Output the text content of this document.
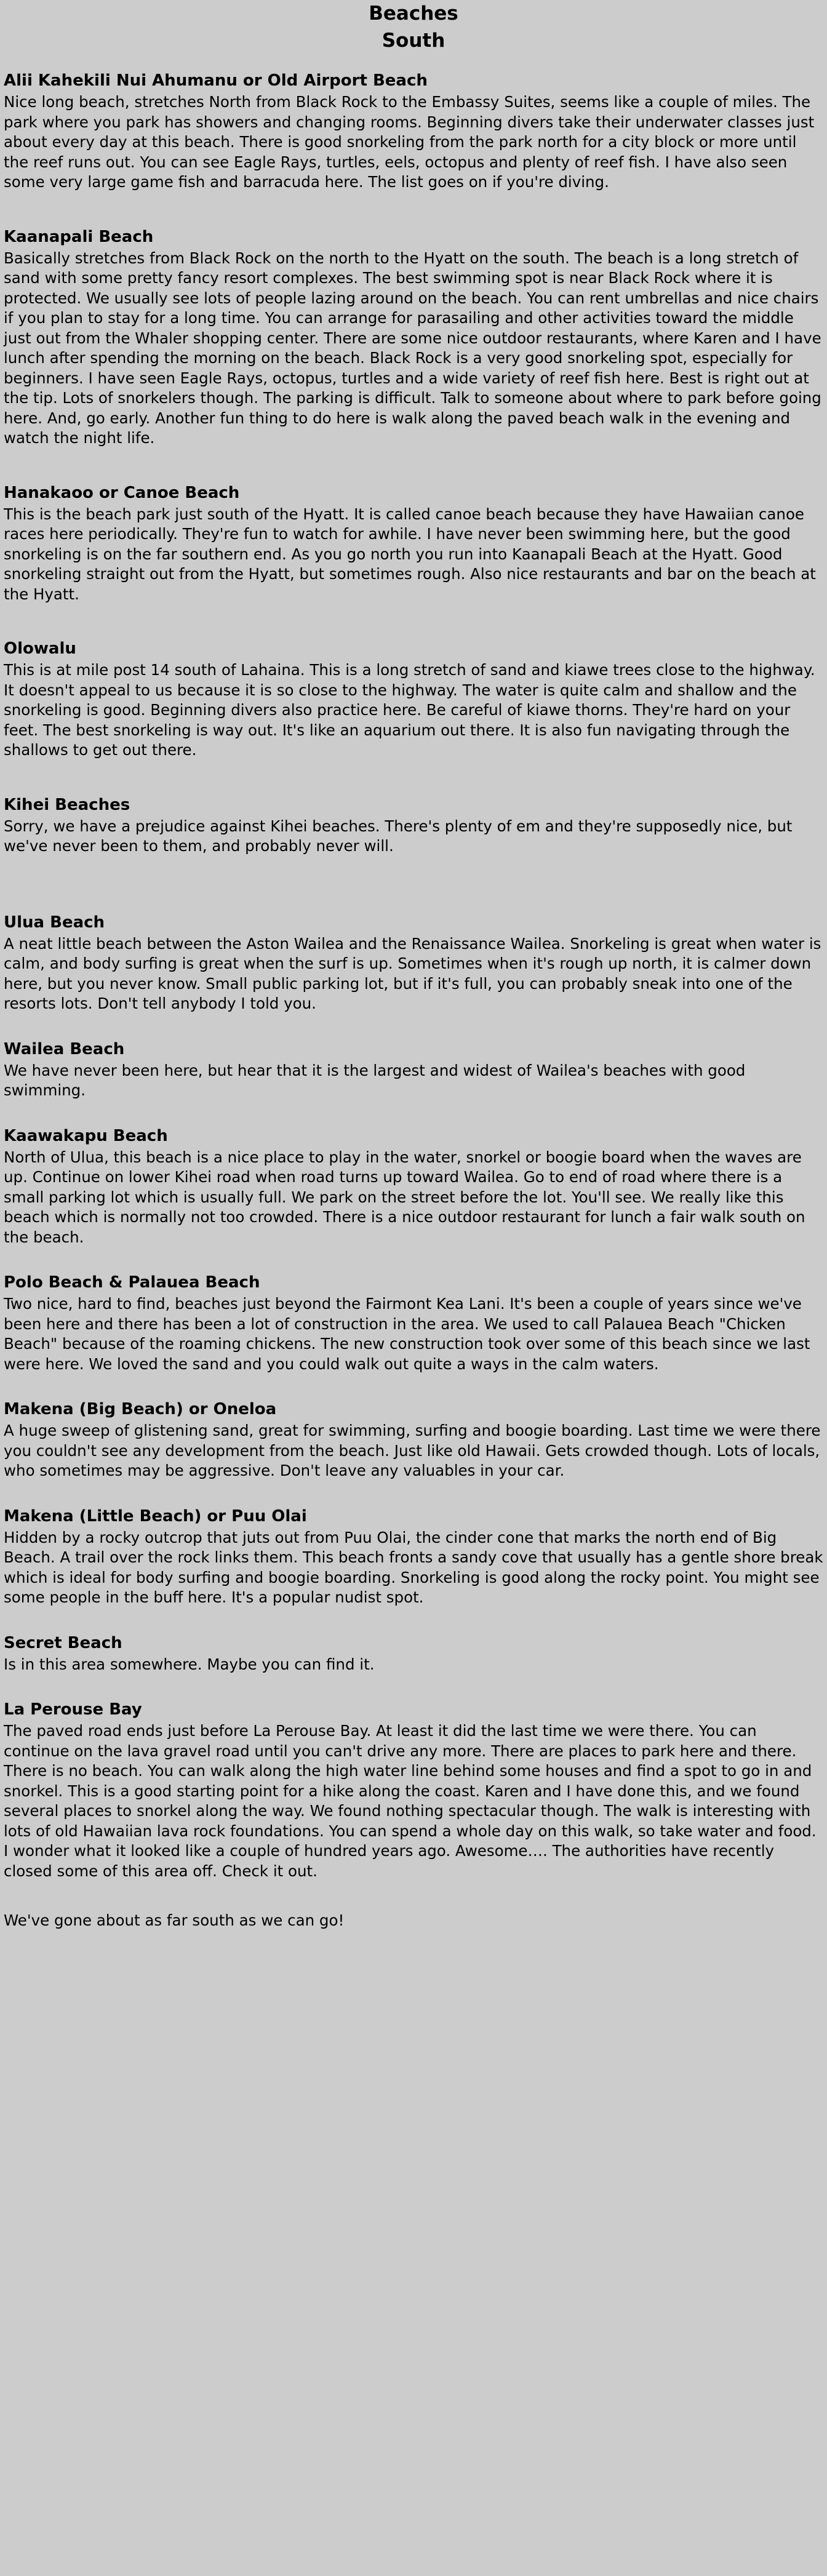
Beaches
South
Alii Kahekili Nui Ahumanu or Old Airport Beach

Nice long beach, stretches North from Black Rock to the Embassy Suites, seems like a couple of miles. The park where you park has showers and changing rooms. Beginning divers take their underwater classes just about every day at this beach. There is good snorkeling from the park north for a city block or more until the reef runs out. You can see Eagle Rays, turtles, eels, octopus and plenty of reef fish. I have also seen some very large game fish and barracuda here. The list goes on if you're diving.

Kaanapali Beach

Basically stretches from Black Rock on the north to the Hyatt on the south. The beach is a long stretch of sand with some pretty fancy resort complexes. The best swimming spot is near Black Rock where it is protected. We usually see lots of people lazing around on the beach. You can rent umbrellas and nice chairs if you plan to stay for a long time. You can arrange for parasailing and other activities toward the middle just out from the Whaler shopping center. There are some nice outdoor restaurants, where Karen and I have lunch after spending the morning on the beach. Black Rock is a very good snorkeling spot, especially for beginners. I have seen Eagle Rays, octopus, turtles and a wide variety of reef fish here. Best is right out at the tip. Lots of snorkelers though. The parking is difficult. Talk to someone about where to park before going here. And, go early. Another fun thing to do here is walk along the paved beach walk in the evening and watch the night life.

Hanakaoo or Canoe Beach

This is the beach park just south of the Hyatt. It is called canoe beach because they have Hawaiian canoe races here periodically. They're fun to watch for awhile. I have never been swimming here, but the good snorkeling is on the far southern end. As you go north you run into Kaanapali Beach at the Hyatt. Good snorkeling straight out from the Hyatt, but sometimes rough. Also nice restaurants and bar on the beach at the Hyatt.

Olowalu

This is at mile post 14 south of Lahaina. This is a long stretch of sand and kiawe trees close to the highway. It doesn't appeal to us because it is so close to the highway. The water is quite calm and shallow and the snorkeling is good. Beginning divers also practice here. Be careful of kiawe thorns. They're hard on your feet. The best snorkeling is way out. It's like an aquarium out there. It is also fun navigating through the shallows to get out there.

Kihei Beaches

Sorry, we have a prejudice against Kihei beaches. There's plenty of em and they're supposedly nice, but we've never been to them, and probably never will.

Ulua Beach

A neat little beach between the Aston Wailea and the Renaissance Wailea. Snorkeling is great when water is calm, and body surfing is great when the surf is up. Sometimes when it's rough up north, it is calmer down here, but you never know. Small public parking lot, but if it's full, you can probably sneak into one of the resorts lots. Don't tell anybody I told you.

Wailea Beach

We have never been here, but hear that it is the largest and widest of Wailea's beaches with good swimming.

Kaawakapu Beach

North of Ulua, this beach is a nice place to play in the water, snorkel or boogie board when the waves are up. Continue on lower Kihei road when road turns up toward Wailea. Go to end of road where there is a small parking lot which is usually full. We park on the street before the lot. You'll see. We really like this beach which is normally not too crowded. There is a nice outdoor restaurant for lunch a fair walk south on the beach.

Polo Beach & Palauea Beach

Two nice, hard to find, beaches just beyond the Fairmont Kea Lani. It's been a couple of years since we've been here and there has been a lot of construction in the area. We used to call Palauea Beach "Chicken Beach" because of the roaming chickens. The new construction took over some of this beach since we last were here. We loved the sand and you could walk out quite a ways in the calm waters.

Makena (Big Beach) or Oneloa

A huge sweep of glistening sand, great for swimming, surfing and boogie boarding. Last time we were there you couldn't see any development from the beach. Just like old Hawaii. Gets crowded though. Lots of locals, who sometimes may be aggressive. Don't leave any valuables in your car.

Makena (Little Beach) or Puu Olai

Hidden by a rocky outcrop that juts out from Puu Olai, the cinder cone that marks the north end of Big Beach. A trail over the rock links them. This beach fronts a sandy cove that usually has a gentle shore break which is ideal for body surfing and boogie boarding. Snorkeling is good along the rocky point. You might see some people in the buff here. It's a popular nudist spot.

Secret Beach

Is in this area somewhere. Maybe you can find it.

La Perouse Bay

The paved road ends just before La Perouse Bay. At least it did the last time we were there. You can continue on the lava gravel road until you can't drive any more. There are places to park here and there. There is no beach. You can walk along the high water line behind some houses and find a spot to go in and snorkel. This is a good starting point for a hike along the coast. Karen and I have done this, and we found several places to snorkel along the way. We found nothing spectacular though. The walk is interesting with lots of old Hawaiian lava rock foundations. You can spend a whole day on this walk, so take water and food. I wonder what it looked like a couple of hundred years ago. Awesome…. The authorities have recently closed some of this area off. Check it out.

We've gone about as far south as we can go!
